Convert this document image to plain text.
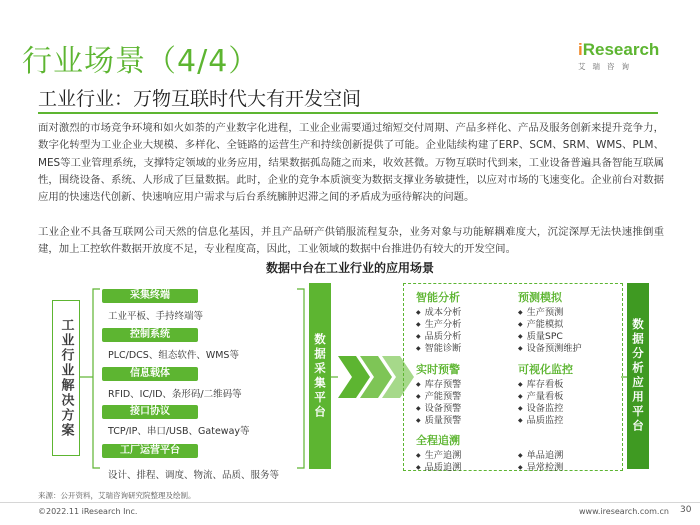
行业场景（4/4）	iResearch
艾瑞咨询
工业行业：万物互联时代大有开发空间
面对激烈的市场竞争环境和如火如荼的产业数字化进程，工业企业需要通过缩短交付周期、产品多样化、产品及服务创新来提升竞争力，数字化转型为工业企业大规模、多样化、全链路的运营生产和持续创新提供了可能。企业陆续构建了ERP、SCM、SRM、WMS、PLM、MES等工业管理系统，支撑特定领域的业务应用，结果数据孤岛随之而来，收效甚微。万物互联时代到来，工业设备普遍具备智能互联属性，围绕设备、系统、人形成了巨量数据。此时，企业的竞争本质演变为数据支撑业务敏捷性，以应对市场的飞速变化。企业前台对数据应用的快速迭代创新、快速响应用户需求与后台系统臃肿迟滞之间的矛盾成为亟待解决的问题。
工业企业不具备互联网公司天然的信息化基因，并且产品研产供销服流程复杂，业务对象与功能解耦难度大，沉淀深厚无法快速推倒重建，加上工控软件数据开放度不足，专业程度高，因此，工业领域的数据中台推进仍有较大的开发空间。
数据中台在工业行业的应用场景
工业行业解决方案
采集终端
工业平板、手持终端等
控制系统
PLC/DCS、组态软件、WMS等
信息载体
RFID、IC/ID、条形码/二维码等
接口协议
TCP/IP、串口/USB、Gateway等
工厂运营平台
设计、排程、调度、物流、品质、服务等
数据采集平台
智能分析
◆ 成本分析
◆ 生产分析
◆ 品质分析
◆ 智能诊断
预测模拟
◆ 生产预测
◆ 产能模拟
◆ 质量SPC
◆ 设备预测维护
实时预警
◆ 库存预警
◆ 产能预警
◆ 设备预警
◆ 质量预警
可视化监控
◆ 库存看板
◆ 产量看板
◆ 设备监控
◆ 品质监控
全程追溯
◆ 生产追溯
◆ 品质追溯
◆ 单品追溯
◆ 异常检测
数据分析应用平台
来源：公开资料，艾瑞咨询研究院整理及绘制。
©2022.11 iResearch Inc.	www.iresearch.com.cn 30
